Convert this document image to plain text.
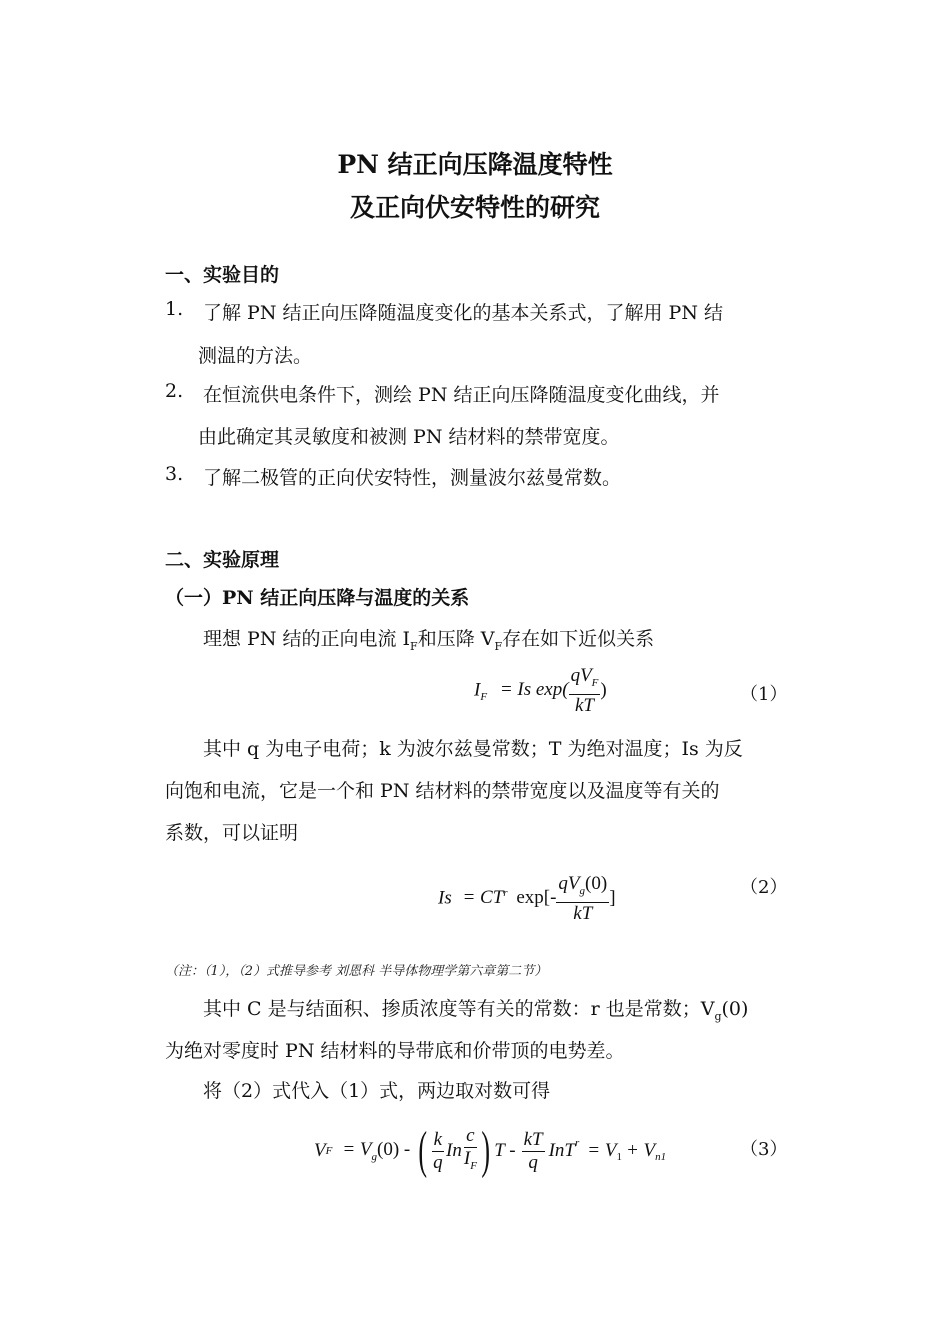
PN 结正向压降温度特性
及正向伏安特性的研究
一、实验目的
1. 了解 PN 结正向压降随温度变化的基本关系式，了解用 PN 结
测温的方法。
2. 在恒流供电条件下，测绘 PN 结正向压降随温度变化曲线，并
由此确定其灵敏度和被测 PN 结材料的禁带宽度。
3. 了解二极管的正向伏安特性，测量波尔兹曼常数。
二、实验原理
（一）PN 结正向压降与温度的关系
理想 PN 结的正向电流 $I_F$和压降 $V_F$存在如下近似关系
$I_F = Is$ $\exp( \frac{qV_F}{kT}$ )	（1）
其中 q 为电子电荷；k 为波尔兹曼常数；T 为绝对温度；Is 为反
向饱和电流，它是一个和 PN 结材料的禁带宽度以及温度等有关的
系数，可以证明
$Is = CT^r$ $\exp[- \frac{qV_g(0)}{kT}$ ]	（2）
（注：（1），（2）式推导参考 刘恩科 半导体物理学第六章第二节）
其中 C 是与结面积、掺质浓度等有关的常数：r 也是常数；$V_g(0)$
为绝对零度时 PN 结材料的导带底和价带顶的电势差。
将（2）式代入（1）式，两边取对数可得
V $F = V_g(0)$ - ( $\frac{k}{q}$ In $\frac{c}{I_F}$ ) $T - \frac{kT}{q} InT^r = V_1 + V_{n1}$	（3）
